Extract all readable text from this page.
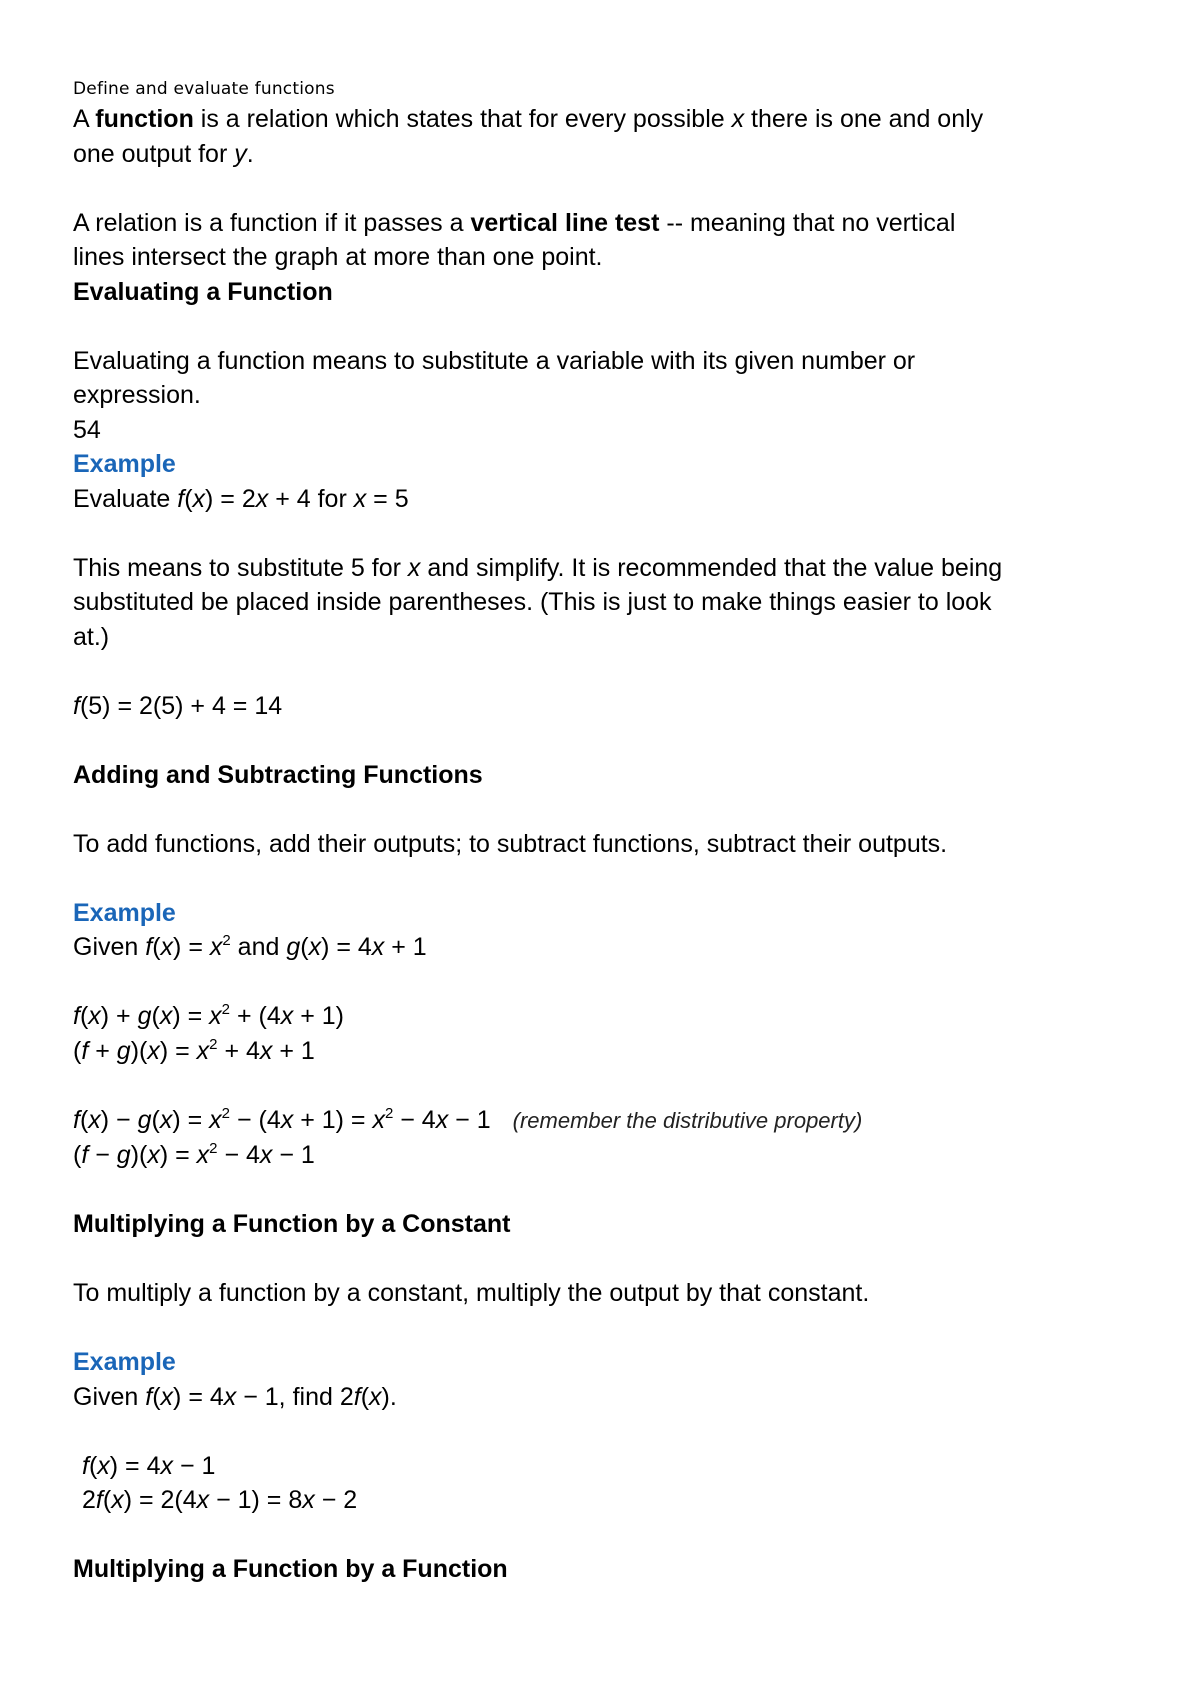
Define and evaluate functions
A function is a relation which states that for every possible x there is one and only
one output for y.
A relation is a function if it passes a vertical line test -- meaning that no vertical
lines intersect the graph at more than one point.
Evaluating a Function
Evaluating a function means to substitute a variable with its given number or
expression.
54
Example
Evaluate f(x) = 2x + 4 for x = 5
This means to substitute 5 for x and simplify. It is recommended that the value being
substituted be placed inside parentheses. (This is just to make things easier to look
at.)
f(5) = 2(5) + 4 = 14
Adding and Subtracting Functions
To add functions, add their outputs; to subtract functions, subtract their outputs.
Example
Given $f(x) = x^2$ and g(x) = 4x + 1
$f(x) + g(x) = x^2 + (4x + 1)$
$(f + g)(x) = x^2 + 4x + 1$
$f(x) - g(x) = x^2 - (4x + 1) = x^2 - 4x - 1$ (remember the distributive property)
$(f - g)(x) = x^2 - 4x - 1$
Multiplying a Function by a Constant
To multiply a function by a constant, multiply the output by that constant.
Example
Given f(x) = 4x − 1, find 2f(x).
f(x) = 4x − 1
2f(x) = 2(4x − 1) = 8x − 2
Multiplying a Function by a Function
